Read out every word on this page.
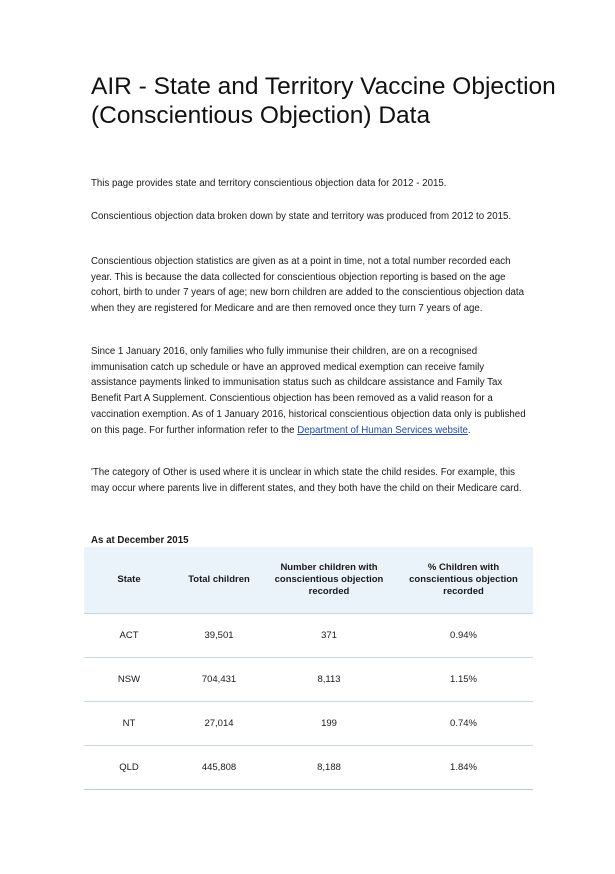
AIR - State and Territory Vaccine Objection (Conscientious Objection) Data

This page provides state and territory conscientious objection data for 2012 - 2015.

Conscientious objection data broken down by state and territory was produced from 2012 to 2015.

Conscientious objection statistics are given as at a point in time, not a total number recorded each year. This is because the data collected for conscientious objection reporting is based on the age cohort, birth to under 7 years of age; new born children are added to the conscientious objection data when they are registered for Medicare and are then removed once they turn 7 years of age.

Since 1 January 2016, only families who fully immunise their children, are on a recognised immunisation catch up schedule or have an approved medical exemption can receive family assistance payments linked to immunisation status such as childcare assistance and Family Tax Benefit Part A Supplement. Conscientious objection has been removed as a valid reason for a vaccination exemption. As of 1 January 2016, historical conscientious objection data only is published on this page. For further information refer to the Department of Human Services website.

'The category of Other is used where it is unclear in which state the child resides. For example, this may occur where parents live in different states, and they both have the child on their Medicare card.

As at December 2015

State	Total children	Number children with conscientious objection recorded	% Children with conscientious objection recorded
ACT	39,501	371	0.94%
NSW	704,431	8,113	1.15%
NT	27,014	199	0.74%
QLD	445,808	8,188	1.84%
